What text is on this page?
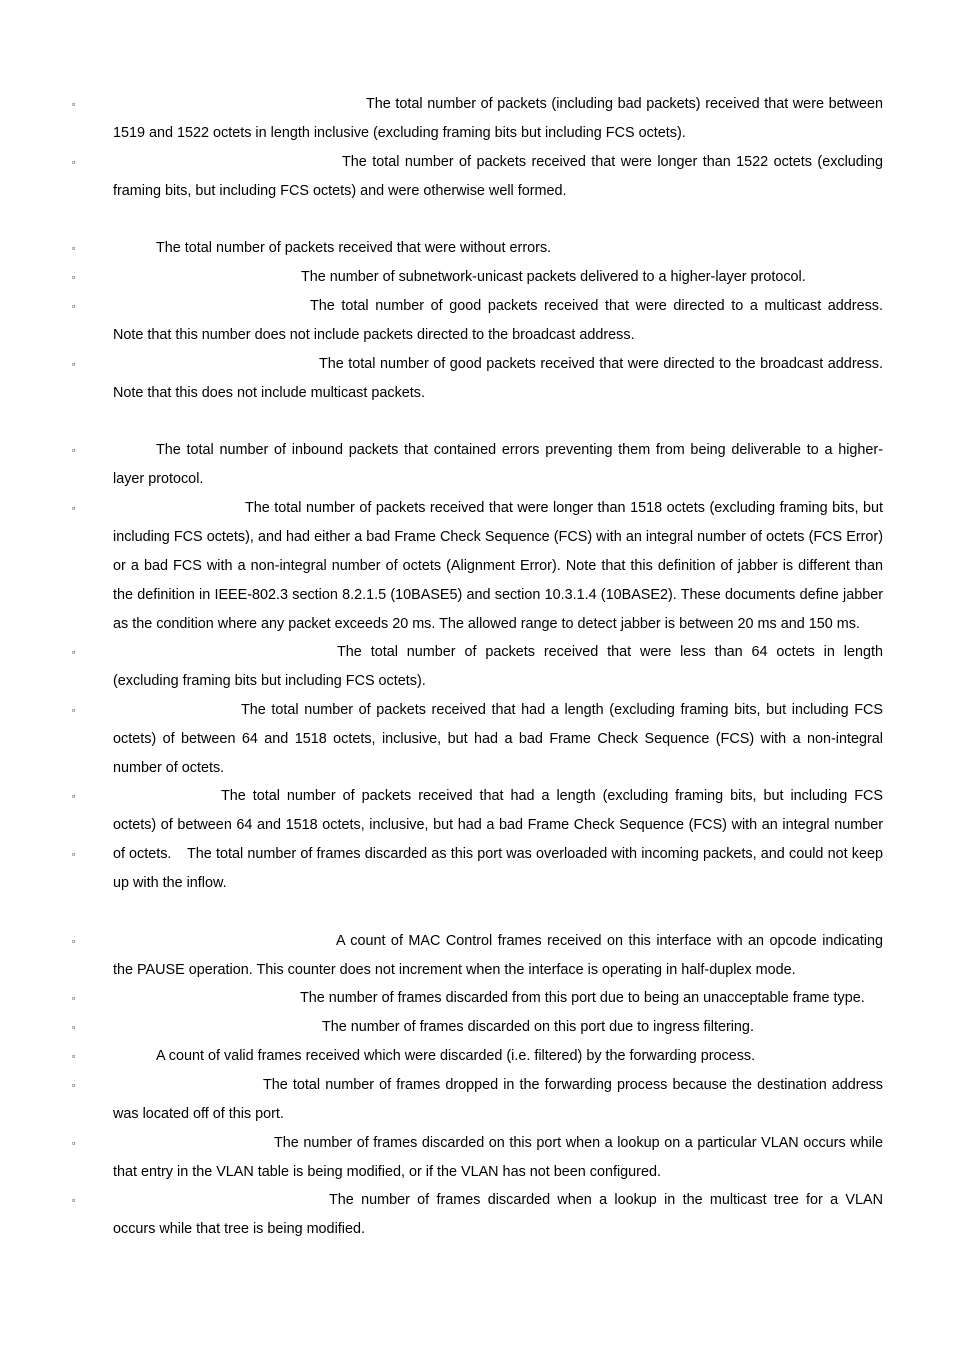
▫	The total number of packets (including bad packets) received that were between 1519 and 1522 octets in length inclusive (excluding framing bits but including FCS octets).
▫	The total number of packets received that were longer than 1522 octets (excluding framing bits, but including FCS octets) and were otherwise well formed.
▫	The total number of packets received that were without errors.
▫	The number of subnetwork-unicast packets delivered to a higher-layer protocol.
▫	The total number of good packets received that were directed to a multicast address. Note that this number does not include packets directed to the broadcast address.
▫	The total number of good packets received that were directed to the broadcast address. Note that this does not include multicast packets.
▫	The total number of inbound packets that contained errors preventing them from being deliverable to a higher-layer protocol.
▫	The total number of packets received that were longer than 1518 octets (excluding framing bits, but including FCS octets), and had either a bad Frame Check Sequence (FCS) with an integral number of octets (FCS Error) or a bad FCS with a non-integral number of octets (Alignment Error). Note that this definition of jabber is different than the definition in IEEE-802.3 section 8.2.1.5 (10BASE5) and section 10.3.1.4 (10BASE2). These documents define jabber as the condition where any packet exceeds 20 ms. The allowed range to detect jabber is between 20 ms and 150 ms.
▫	The total number of packets received that were less than 64 octets in length (excluding framing bits but including FCS octets).
▫	The total number of packets received that had a length (excluding framing bits, but including FCS octets) of between 64 and 1518 octets, inclusive, but had a bad Frame Check Sequence (FCS) with a non-integral number of octets.
▫	The total number of packets received that had a length (excluding framing bits, but including FCS octets) of between 64 and 1518 octets, inclusive, but had a bad Frame Check Sequence (FCS) with an integral number of octets.
▫	The total number of frames discarded as this port was overloaded with incoming packets, and could not keep up with the inflow.
▫	A count of MAC Control frames received on this interface with an opcode indicating the PAUSE operation. This counter does not increment when the interface is operating in half-duplex mode.
▫	The number of frames discarded from this port due to being an unacceptable frame type.
▫	The number of frames discarded on this port due to ingress filtering.
▫	A count of valid frames received which were discarded (i.e. filtered) by the forwarding process.
▫	The total number of frames dropped in the forwarding process because the destination address was located off of this port.
▫	The number of frames discarded on this port when a lookup on a particular VLAN occurs while that entry in the VLAN table is being modified, or if the VLAN has not been configured.
▫	The number of frames discarded when a lookup in the multicast tree for a VLAN occurs while that tree is being modified.
